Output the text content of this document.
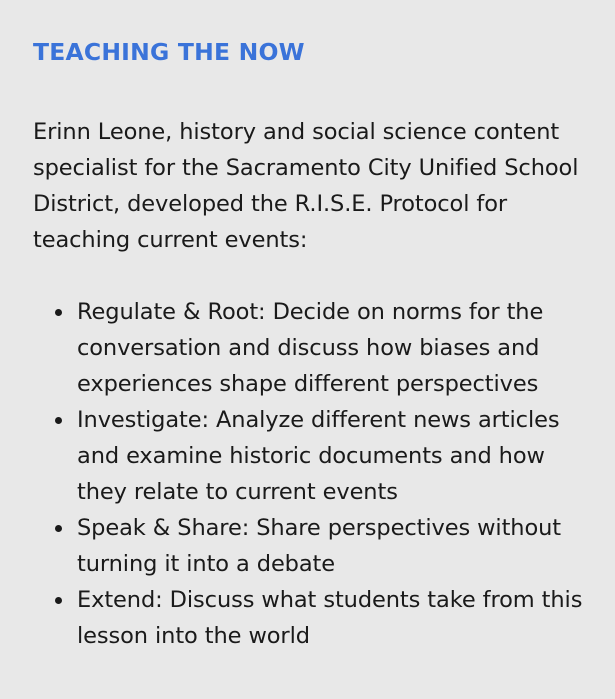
TEACHING THE NOW

Erinn Leone, history and social science content specialist for the Sacramento City Unified School District, developed the R.I.S.E. Protocol for teaching current events:

Regulate & Root: Decide on norms for the conversation and discuss how biases and experiences shape different perspectives
Investigate: Analyze different news articles and examine historic documents and how they relate to current events
Speak & Share: Share perspectives without turning it into a debate
Extend: Discuss what students take from this lesson into the world
